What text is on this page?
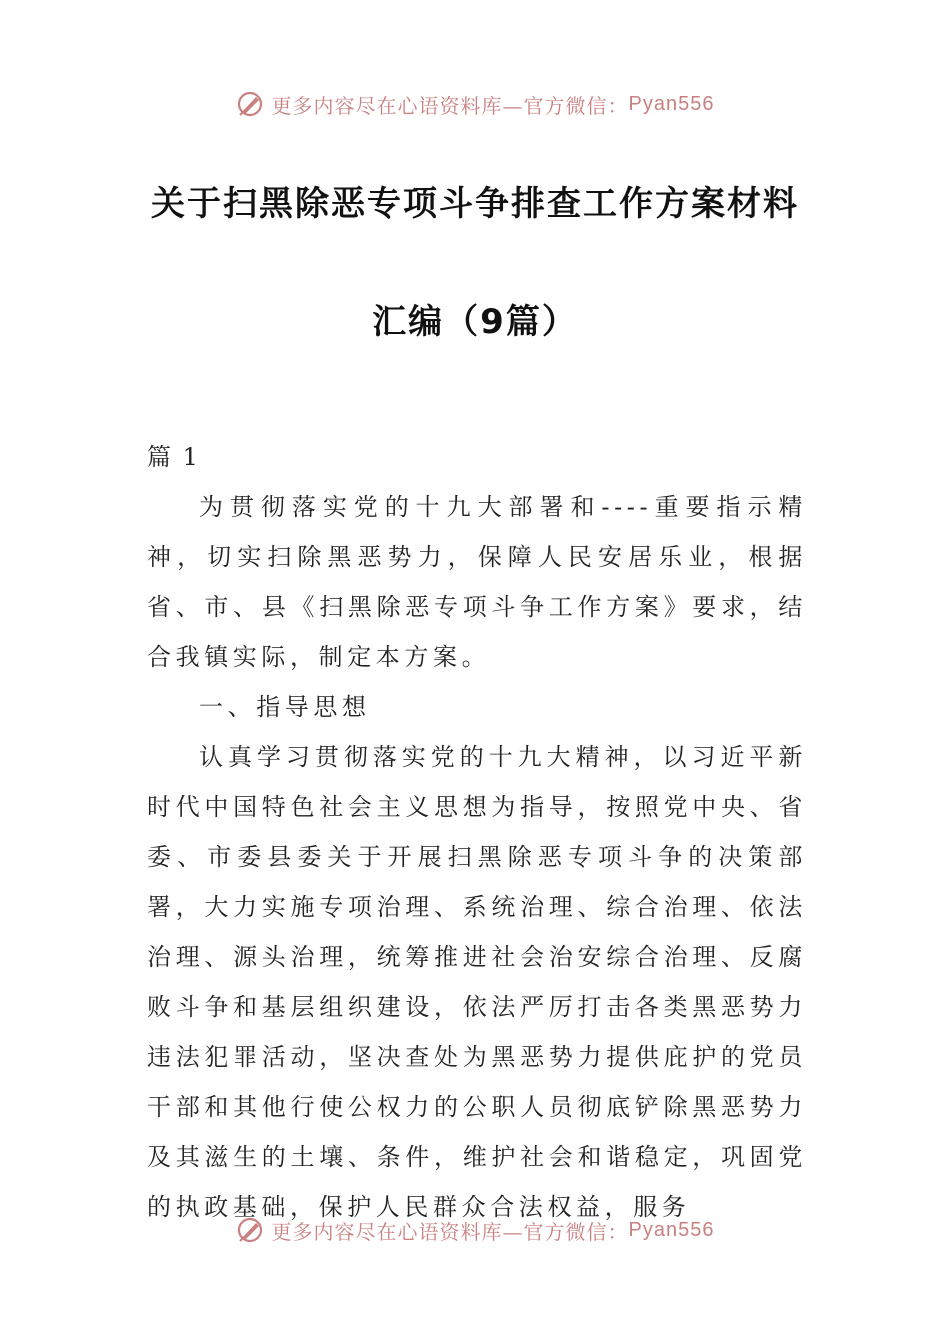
更多内容尽在心语资料库—官方微信： Pyan556
关于扫黑除恶专项斗争排查工作方案材料
汇编（9篇）

篇 1

为贯彻落实党的十九大部署和----重要指示精神，切实扫除黑恶势力，保障人民安居乐业，根据省、市、县《扫黑除恶专项斗争工作方案》要求，结合我镇实际，制定本方案。

一、指导思想

认真学习贯彻落实党的十九大精神，以习近平新时代中国特色社会主义思想为指导，按照党中央、省委、市委县委关于开展扫黑除恶专项斗争的决策部署，大力实施专项治理、系统治理、综合治理、依法治理、源头治理，统筹推进社会治安综合治理、反腐败斗争和基层组织建设，依法严厉打击各类黑恶势力违法犯罪活动，坚决查处为黑恶势力提供庇护的党员干部和其他行使公权力的公职人员彻底铲除黑恶势力及其滋生的土壤、条件，维护社会和谐稳定，巩固党的执政基础，保护人民群众合法权益，服务

更多内容尽在心语资料库—官方微信： Pyan556
